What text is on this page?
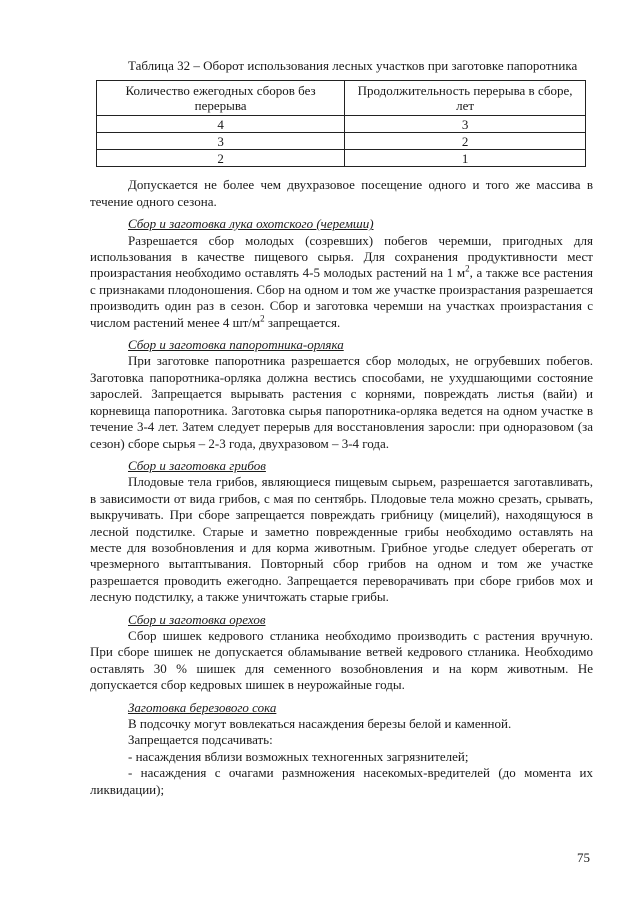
Таблица 32 – Оборот использования лесных участков при заготовке папоротника

Количество ежегодных сборов без перерыва	Продолжительность перерыва в сборе, лет
4	3
3	2
2	1

Допускается не более чем двухразовое посещение одного и того же массива в течение одного сезона.

Сбор и заготовка лука охотского (черемши)

Разрешается сбор молодых (созревших) побегов черемши, пригодных для использования в качестве пищевого сырья. Для сохранения продуктивности мест произрастания необходимо оставлять 4-5 молодых растений на 1 $м^2$, а также все растения с признаками плодоношения. Сбор на одном и том же участке произрастания разрешается производить один раз в сезон. Сбор и заготовка черемши на участках произрастания с числом растений менее 4 $шт/м^2$ запрещается.

Сбор и заготовка папоротника-орляка

При заготовке папоротника разрешается сбор молодых, не огрубевших побегов. Заготовка папоротника-орляка должна вестись способами, не ухудшающими состояние зарослей. Запрещается вырывать растения с корнями, повреждать листья (вайи) и корневища папоротника. Заготовка сырья папоротника-орляка ведется на одном участке в течение 3-4 лет. Затем следует перерыв для восстановления заросли: при одноразовом (за сезон) сборе сырья – 2-3 года, двухразовом – 3-4 года.

Сбор и заготовка грибов

Плодовые тела грибов, являющиеся пищевым сырьем, разрешается заготавливать, в зависимости от вида грибов, с мая по сентябрь. Плодовые тела можно срезать, срывать, выкручивать. При сборе запрещается повреждать грибницу (мицелий), находящуюся в лесной подстилке. Старые и заметно поврежденные грибы необходимо оставлять на месте для возобновления и для корма животным. Грибное угодье следует оберегать от чрезмерного вытаптывания. Повторный сбор грибов на одном и том же участке разрешается проводить ежегодно. Запрещается переворачивать при сборе грибов мох и лесную подстилку, а также уничтожать старые грибы.

Сбор и заготовка орехов

Сбор шишек кедрового стланика необходимо производить с растения вручную. При сборе шишек не допускается обламывание ветвей кедрового стланика. Необходимо оставлять 30 % шишек для семенного возобновления и на корм животным. Не допускается сбор кедровых шишек в неурожайные годы.

Заготовка березового сока

В подсочку могут вовлекаться насаждения березы белой и каменной.

Запрещается подсачивать:

- насаждения вблизи возможных техногенных загрязнителей;

- насаждения с очагами размножения насекомых-вредителей (до момента их ликвидации);

75
